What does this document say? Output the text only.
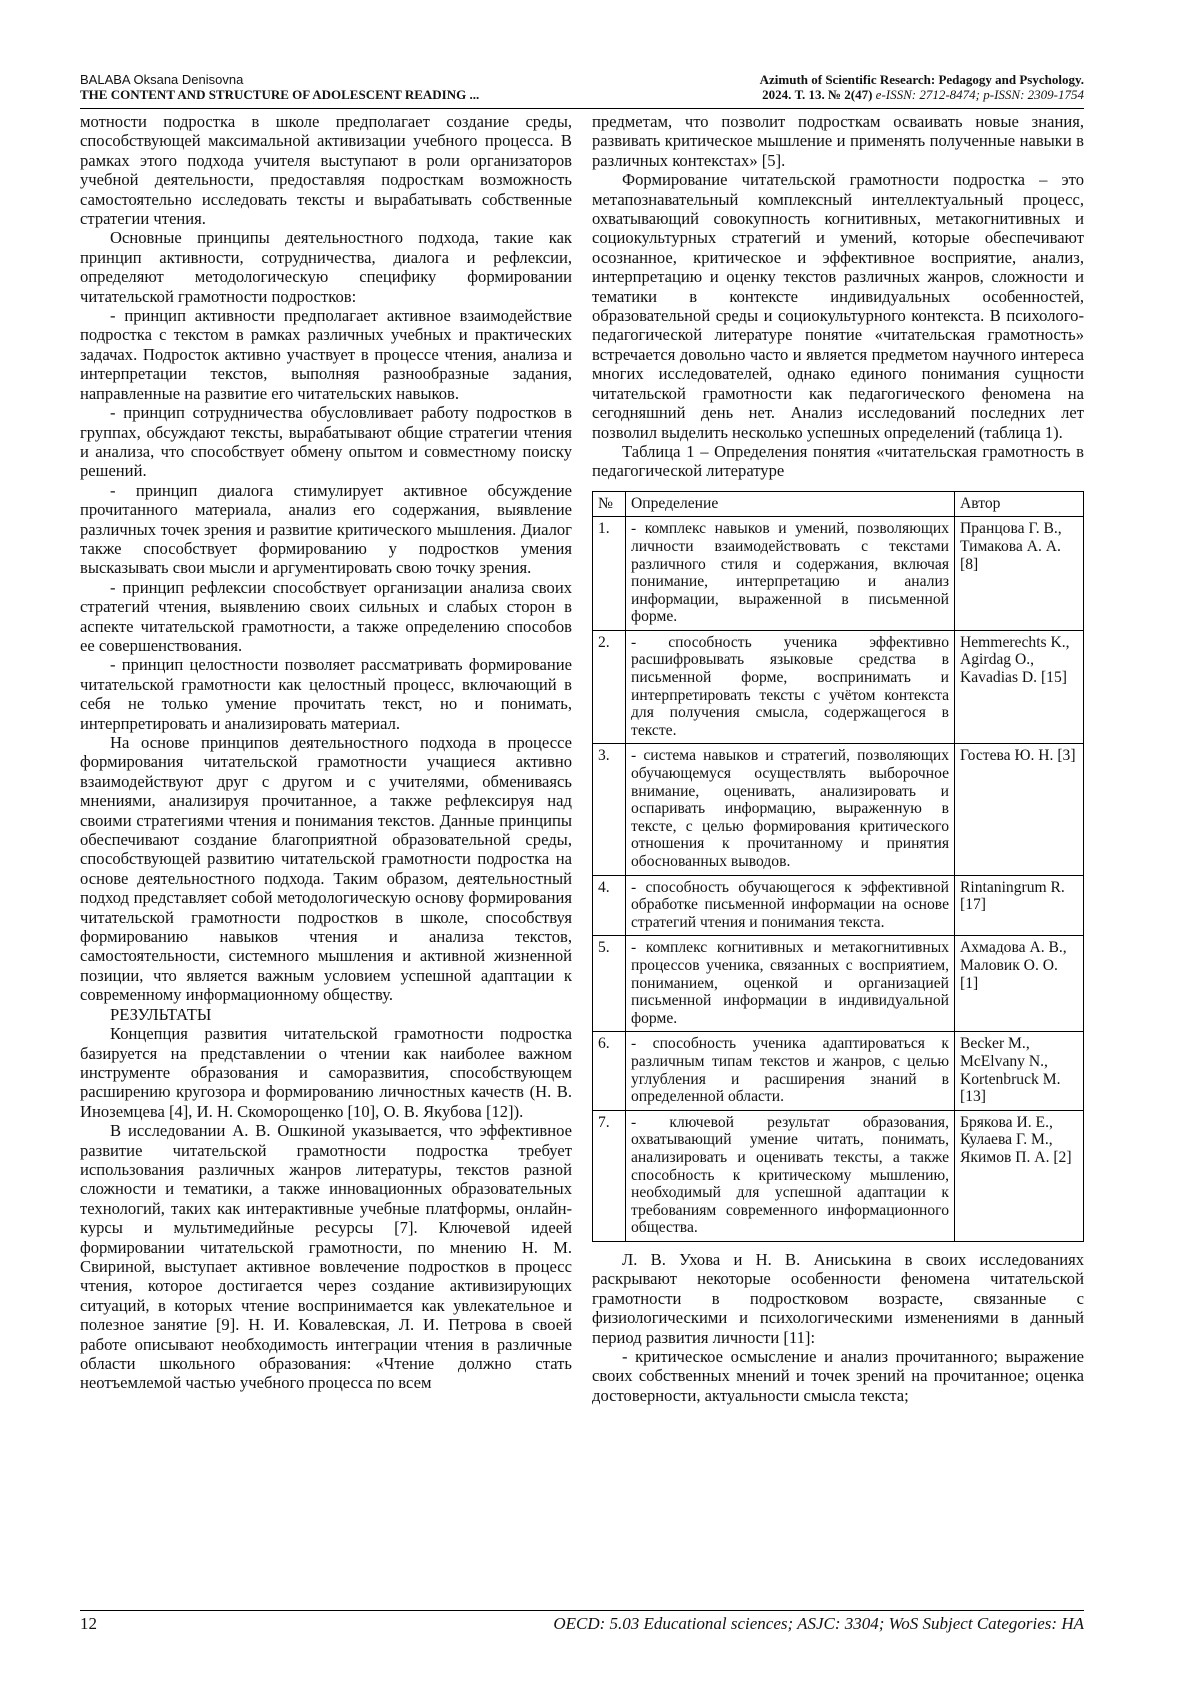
BALABA Oksana Denisovna
THE CONTENT AND STRUCTURE OF ADOLESCENT READING ...
Azimuth of Scientific Research: Pedagogy and Psychology.
2024. Т. 13. № 2(47) e-ISSN: 2712-8474; p-ISSN: 2309-1754

мотности подростка в школе предполагает создание среды, способствующей максимальной активизации учебного процесса. В рамках этого подхода учителя выступают в роли организаторов учебной деятельности, предоставляя подросткам возможность самостоятельно исследовать тексты и вырабатывать собственные стратегии чтения.

Основные принципы деятельностного подхода, такие как принцип активности, сотрудничества, диалога и рефлексии, определяют методологическую специфику формировании читательской грамотности подростков:

- принцип активности предполагает активное взаимодействие подростка с текстом в рамках различных учебных и практических задачах. Подросток активно участвует в процессе чтения, анализа и интерпретации текстов, выполняя разнообразные задания, направленные на развитие его читательских навыков.

- принцип сотрудничества обусловливает работу подростков в группах, обсуждают тексты, вырабатывают общие стратегии чтения и анализа, что способствует обмену опытом и совместному поиску решений.

- принцип диалога стимулирует активное обсуждение прочитанного материала, анализ его содержания, выявление различных точек зрения и развитие критического мышления. Диалог также способствует формированию у подростков умения высказывать свои мысли и аргументировать свою точку зрения.

- принцип рефлексии способствует организации анализа своих стратегий чтения, выявлению своих сильных и слабых сторон в аспекте читательской грамотности, а также определению способов ее совершенствования.

- принцип целостности позволяет рассматривать формирование читательской грамотности как целостный процесс, включающий в себя не только умение прочитать текст, но и понимать, интерпретировать и анализировать материал.

На основе принципов деятельностного подхода в процессе формирования читательской грамотности учащиеся активно взаимодействуют друг с другом и с учителями, обмениваясь мнениями, анализируя прочитанное, а также рефлексируя над своими стратегиями чтения и понимания текстов. Данные принципы обеспечивают создание благоприятной образовательной среды, способствующей развитию читательской грамотности подростка на основе деятельностного подхода. Таким образом, деятельностный подход представляет собой методологическую основу формирования читательской грамотности подростков в школе, способствуя формированию навыков чтения и анализа текстов, самостоятельности, системного мышления и активной жизненной позиции, что является важным условием успешной адаптации к современному информационному обществу.

РЕЗУЛЬТАТЫ

Концепция развития читательской грамотности подростка базируется на представлении о чтении как наиболее важном инструменте образования и саморазвития, способствующем расширению кругозора и формированию личностных качеств (Н. В. Иноземцева [4], И. Н. Скоморощенко [10], О. В. Якубова [12]).

В исследовании А. В. Ошкиной указывается, что эффективное развитие читательской грамотности подростка требует использования различных жанров литературы, текстов разной сложности и тематики, а также инновационных образовательных технологий, таких как интерактивные учебные платформы, онлайн-курсы и мультимедийные ресурсы [7]. Ключевой идеей формировании читательской грамотности, по мнению Н. М. Свириной, выступает активное вовлечение подростков в процесс чтения, которое достигается через создание активизирующих ситуаций, в которых чтение воспринимается как увлекательное и полезное занятие [9]. Н. И. Ковалевская, Л. И. Петрова в своей работе описывают необходимость интеграции чтения в различные области школьного образования: «Чтение должно стать неотъемлемой частью учебного процесса по всем

предметам, что позволит подросткам осваивать новые знания, развивать критическое мышление и применять полученные навыки в различных контекстах» [5].

Формирование читательской грамотности подростка – это метапознавательный комплексный интеллектуальный процесс, охватывающий совокупность когнитивных, метакогнитивных и социокультурных стратегий и умений, которые обеспечивают осознанное, критическое и эффективное восприятие, анализ, интерпретацию и оценку текстов различных жанров, сложности и тематики в контексте индивидуальных особенностей, образовательной среды и социокультурного контекста. В психолого-педагогической литературе понятие «читательская грамотность» встречается довольно часто и является предметом научного интереса многих исследователей, однако единого понимания сущности читательской грамотности как педагогического феномена на сегодняшний день нет. Анализ исследований последних лет позволил выделить несколько успешных определений (таблица 1).

Таблица 1 – Определения понятия «читательская грамотность в педагогической литературе

№	Определение	Автор
1.	- комплекс навыков и умений, позволяющих личности взаимодействовать с текстами различного стиля и содержания, включая понимание, интерпретацию и анализ информации, выраженной в письменной форме.	Пранцова Г. В., Тимакова А. А. [8]
2.	- способность ученика эффективно расшифровывать языковые средства в письменной форме, воспринимать и интерпретировать тексты с учётом контекста для получения смысла, содержащегося в тексте.	Hemmerechts K., Agirdag O., Kavadias D. [15]
3.	- система навыков и стратегий, позволяющих обучающемуся осуществлять выборочное внимание, оценивать, анализировать и оспаривать информацию, выраженную в тексте, с целью формирования критического отношения к прочитанному и принятия обоснованных выводов.	Гостева Ю. Н. [3]
4.	- способность обучающегося к эффективной обработке письменной информации на основе стратегий чтения и понимания текста.	Rintaningrum R. [17]
5.	- комплекс когнитивных и метакогнитивных процессов ученика, связанных с восприятием, пониманием, оценкой и организацией письменной информации в индивидуальной форме.	Ахмадова А. В., Маловик О. О. [1]
6.	- способность ученика адаптироваться к различным типам текстов и жанров, с целью углубления и расширения знаний в определенной области.	Becker M., McElvany N., Kortenbruck M. [13]
7.	- ключевой результат образования, охватывающий умение читать, понимать, анализировать и оценивать тексты, а также способность к критическому мышлению, необходимый для успешной адаптации к требованиям современного информационного общества.	Брякова И. Е., Кулаева Г. М., Якимов П. А. [2]

Л. В. Ухова и Н. В. Аниськина в своих исследованиях раскрывают некоторые особенности феномена читательской грамотности в подростковом возрасте, связанные с физиологическими и психологическими изменениями в данный период развития личности [11]:

- критическое осмысление и анализ прочитанного; выражение своих собственных мнений и точек зрений на прочитанное; оценка достоверности, актуальности смысла текста;

12	OECD: 5.03 Educational sciences; ASJC: 3304; WoS Subject Categories: HA
